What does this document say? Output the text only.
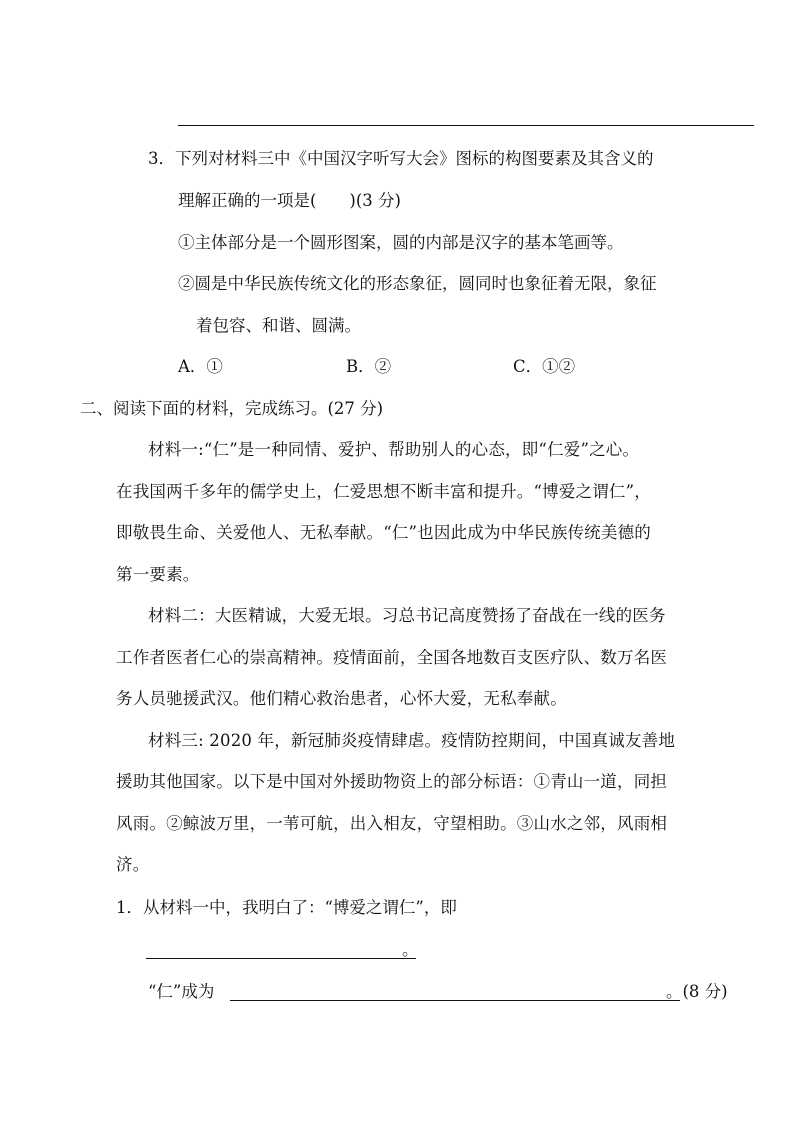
3．下列对材料三中《中国汉字听写大会》图标的构图要素及其含义的
理解正确的一项是(　　)(3 分)
①主体部分是一个圆形图案，圆的内部是汉字的基本笔画等。
②圆是中华民族传统文化的形态象征，圆同时也象征着无限，象征
着包容、和谐、圆满。
A．①	B．②	C．①②
二、阅读下面的材料，完成练习。(27 分)
材料一:“仁”是一种同情、爱护、帮助别人的心态，即“仁爱”之心。
在我国两千多年的儒学史上，仁爱思想不断丰富和提升。“博爱之谓仁”，
即敬畏生命、关爱他人、无私奉献。“仁”也因此成为中华民族传统美德的
第一要素。
材料二：大医精诚，大爱无垠。习总书记高度赞扬了奋战在一线的医务
工作者医者仁心的崇高精神。疫情面前，全国各地数百支医疗队、数万名医
务人员驰援武汉。他们精心救治患者，心怀大爱，无私奉献。
材料三: 2020 年，新冠肺炎疫情肆虐。疫情防控期间，中国真诚友善地
援助其他国家。以下是中国对外援助物资上的部分标语：①青山一道，同担
风雨。②鲸波万里，一苇可航，出入相友，守望相助。③山水之邻，风雨相
济。
1．从材料一中，我明白了：“博爱之谓仁”，即
。
“仁”成为	。(8 分)
